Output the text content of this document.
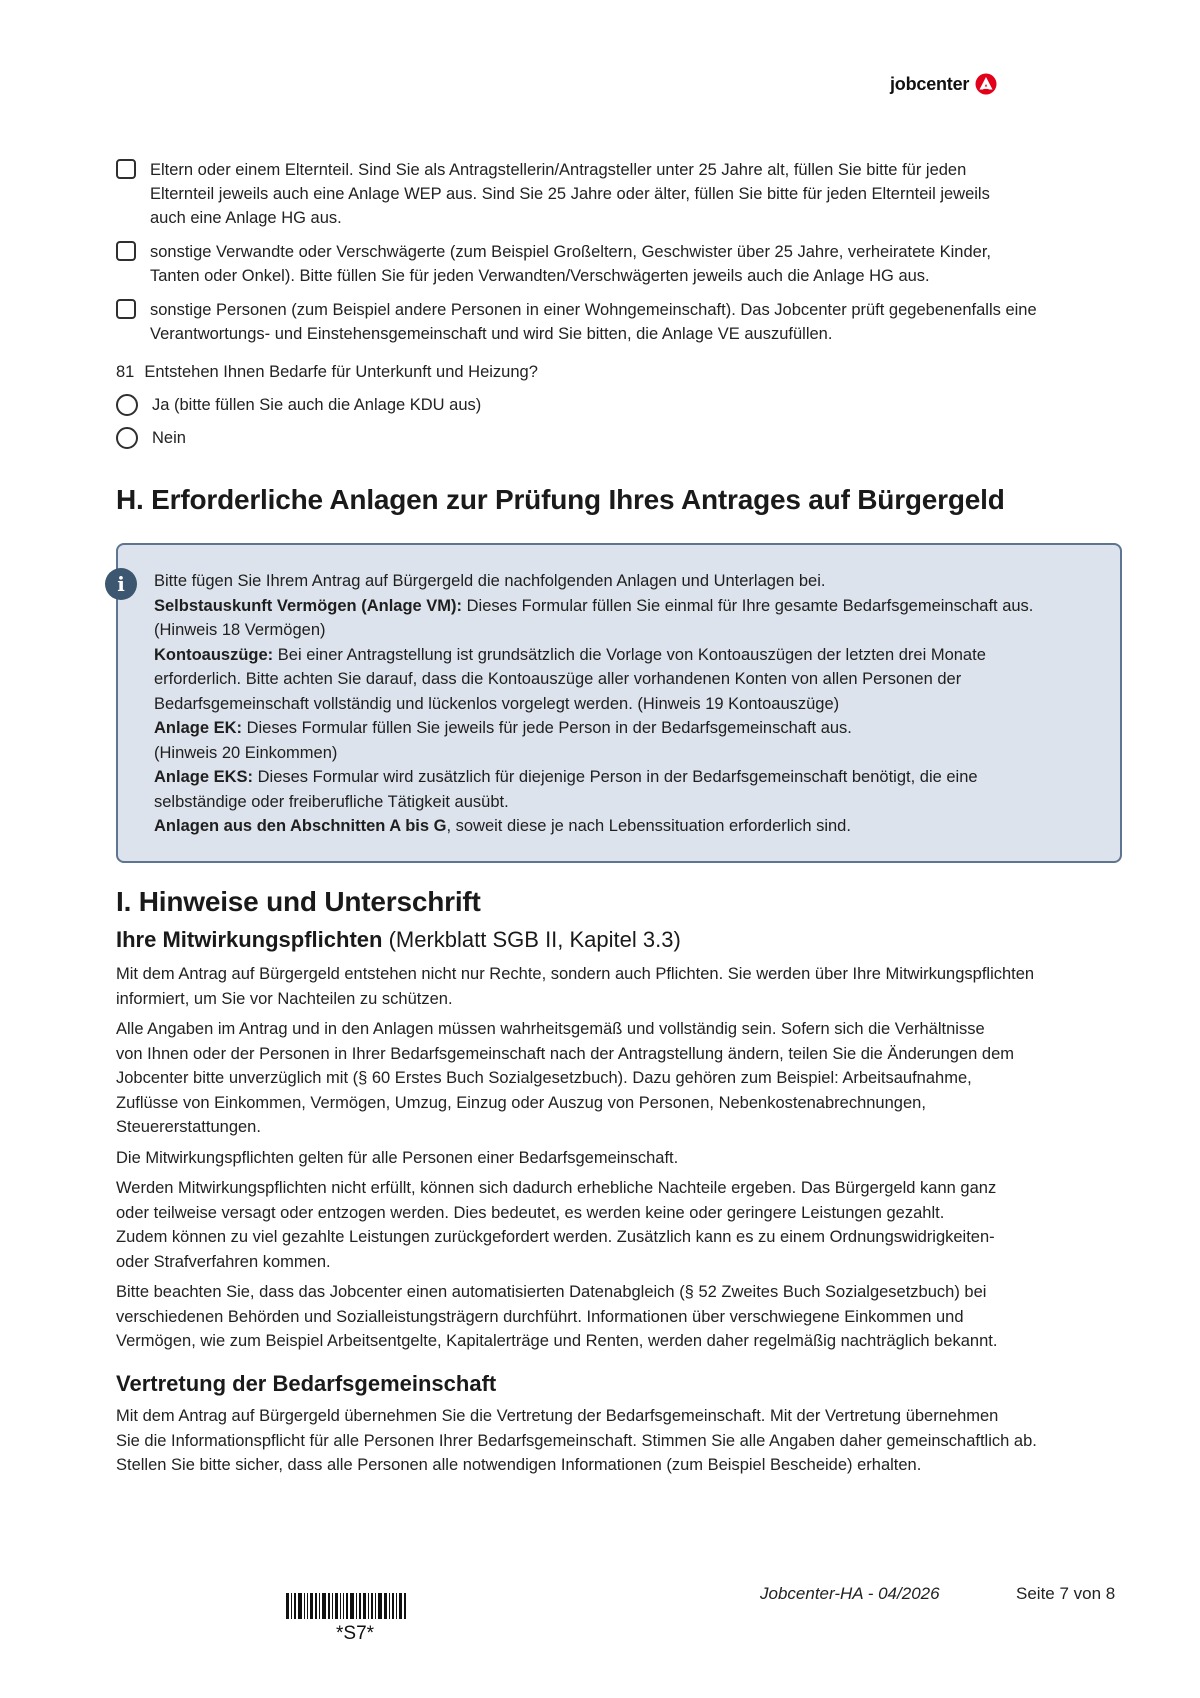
jobcenter
Eltern oder einem Elternteil. Sind Sie als Antragstellerin/Antragsteller unter 25 Jahre alt, füllen Sie bitte für jeden
Elternteil jeweils auch eine Anlage WEP aus. Sind Sie 25 Jahre oder älter, füllen Sie bitte für jeden Elternteil jeweils
auch eine Anlage HG aus.
sonstige Verwandte oder Verschwägerte (zum Beispiel Großeltern, Geschwister über 25 Jahre, verheiratete Kinder,
Tanten oder Onkel). Bitte füllen Sie für jeden Verwandten/Verschwägerten jeweils auch die Anlage HG aus.
sonstige Personen (zum Beispiel andere Personen in einer Wohngemeinschaft). Das Jobcenter prüft gegebenenfalls eine
Verantwortungs- und Einstehensgemeinschaft und wird Sie bitten, die Anlage VE auszufüllen.
81 Entstehen Ihnen Bedarfe für Unterkunft und Heizung?
Ja (bitte füllen Sie auch die Anlage KDU aus)
Nein
H. Erforderliche Anlagen zur Prüfung Ihres Antrages auf Bürgergeld
i	Bitte fügen Sie Ihrem Antrag auf Bürgergeld die nachfolgenden Anlagen und Unterlagen bei.
Selbstauskunft Vermögen (Anlage VM): Dieses Formular füllen Sie einmal für Ihre gesamte Bedarfsgemeinschaft aus.
(Hinweis 18 Vermögen)
Kontoauszüge: Bei einer Antragstellung ist grundsätzlich die Vorlage von Kontoauszügen der letzten drei Monate
erforderlich. Bitte achten Sie darauf, dass die Kontoauszüge aller vorhandenen Konten von allen Personen der
Bedarfsgemeinschaft vollständig und lückenlos vorgelegt werden. (Hinweis 19 Kontoauszüge)
Anlage EK: Dieses Formular füllen Sie jeweils für jede Person in der Bedarfsgemeinschaft aus.
(Hinweis 20 Einkommen)
Anlage EKS: Dieses Formular wird zusätzlich für diejenige Person in der Bedarfsgemeinschaft benötigt, die eine
selbständige oder freiberufliche Tätigkeit ausübt.
Anlagen aus den Abschnitten A bis G, soweit diese je nach Lebenssituation erforderlich sind.
I. Hinweise und Unterschrift
Ihre Mitwirkungspflichten (Merkblatt SGB II, Kapitel 3.3)
Mit dem Antrag auf Bürgergeld entstehen nicht nur Rechte, sondern auch Pflichten. Sie werden über Ihre Mitwirkungspflichten
informiert, um Sie vor Nachteilen zu schützen.
Alle Angaben im Antrag und in den Anlagen müssen wahrheitsgemäß und vollständig sein. Sofern sich die Verhältnisse
von Ihnen oder der Personen in Ihrer Bedarfsgemeinschaft nach der Antragstellung ändern, teilen Sie die Änderungen dem
Jobcenter bitte unverzüglich mit (§ 60 Erstes Buch Sozialgesetzbuch). Dazu gehören zum Beispiel: Arbeitsaufnahme,
Zuflüsse von Einkommen, Vermögen, Umzug, Einzug oder Auszug von Personen, Nebenkostenabrechnungen,
Steuererstattungen.
Die Mitwirkungspflichten gelten für alle Personen einer Bedarfsgemeinschaft.
Werden Mitwirkungspflichten nicht erfüllt, können sich dadurch erhebliche Nachteile ergeben. Das Bürgergeld kann ganz
oder teilweise versagt oder entzogen werden. Dies bedeutet, es werden keine oder geringere Leistungen gezahlt.
Zudem können zu viel gezahlte Leistungen zurückgefordert werden. Zusätzlich kann es zu einem Ordnungswidrigkeiten-
oder Strafverfahren kommen.
Bitte beachten Sie, dass das Jobcenter einen automatisierten Datenabgleich (§ 52 Zweites Buch Sozialgesetzbuch) bei
verschiedenen Behörden und Sozialleistungsträgern durchführt. Informationen über verschwiegene Einkommen und
Vermögen, wie zum Beispiel Arbeitsentgelte, Kapitalerträge und Renten, werden daher regelmäßig nachträglich bekannt.
Vertretung der Bedarfsgemeinschaft
Mit dem Antrag auf Bürgergeld übernehmen Sie die Vertretung der Bedarfsgemeinschaft. Mit der Vertretung übernehmen
Sie die Informationspflicht für alle Personen Ihrer Bedarfsgemeinschaft. Stimmen Sie alle Angaben daher gemeinschaftlich ab.
Stellen Sie bitte sicher, dass alle Personen alle notwendigen Informationen (zum Beispiel Bescheide) erhalten.
*S7*
Jobcenter-HA - 04/2026	Seite 7 von 8
